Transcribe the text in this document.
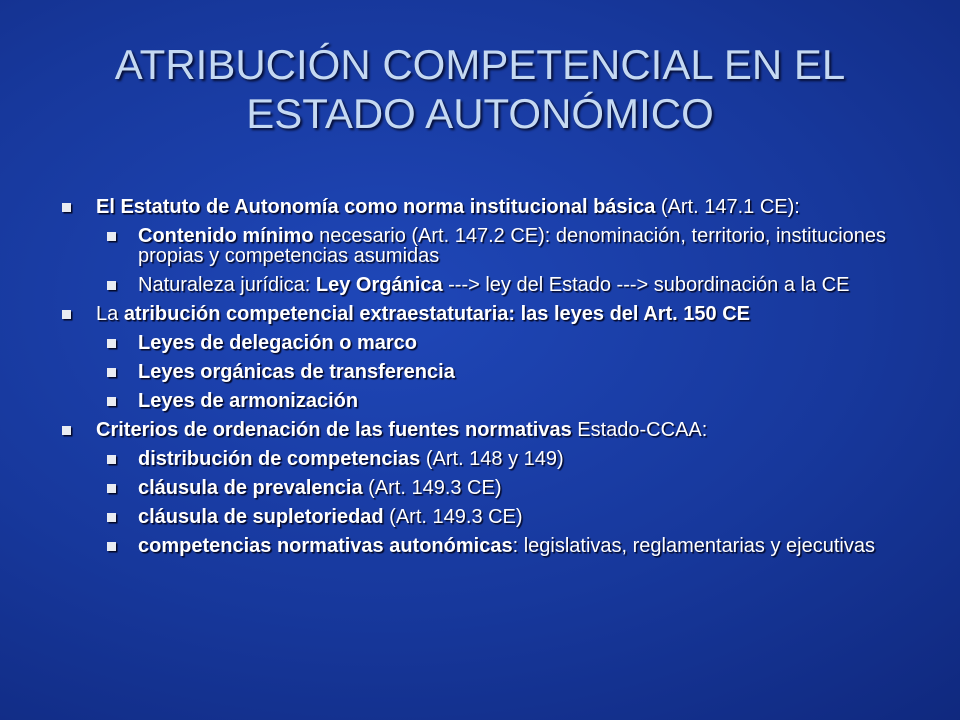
ATRIBUCIÓN COMPETENCIAL EN EL
ESTADO AUTONÓMICO
El Estatuto de Autonomía como norma institucional básica (Art. 147.1 CE):
Contenido mínimo necesario (Art. 147.2 CE): denominación, territorio, instituciones propias y competencias asumidas
Naturaleza jurídica: Ley Orgánica ---> ley del Estado ---> subordinación a la CE
La atribución competencial extraestatutaria: las leyes del Art. 150 CE
Leyes de delegación o marco
Leyes orgánicas de transferencia
Leyes de armonización
Criterios de ordenación de las fuentes normativas Estado-CCAA:
distribución de competencias (Art. 148 y 149)
cláusula de prevalencia (Art. 149.3 CE)
cláusula de supletoriedad (Art. 149.3 CE)
competencias normativas autonómicas: legislativas, reglamentarias y ejecutivas
